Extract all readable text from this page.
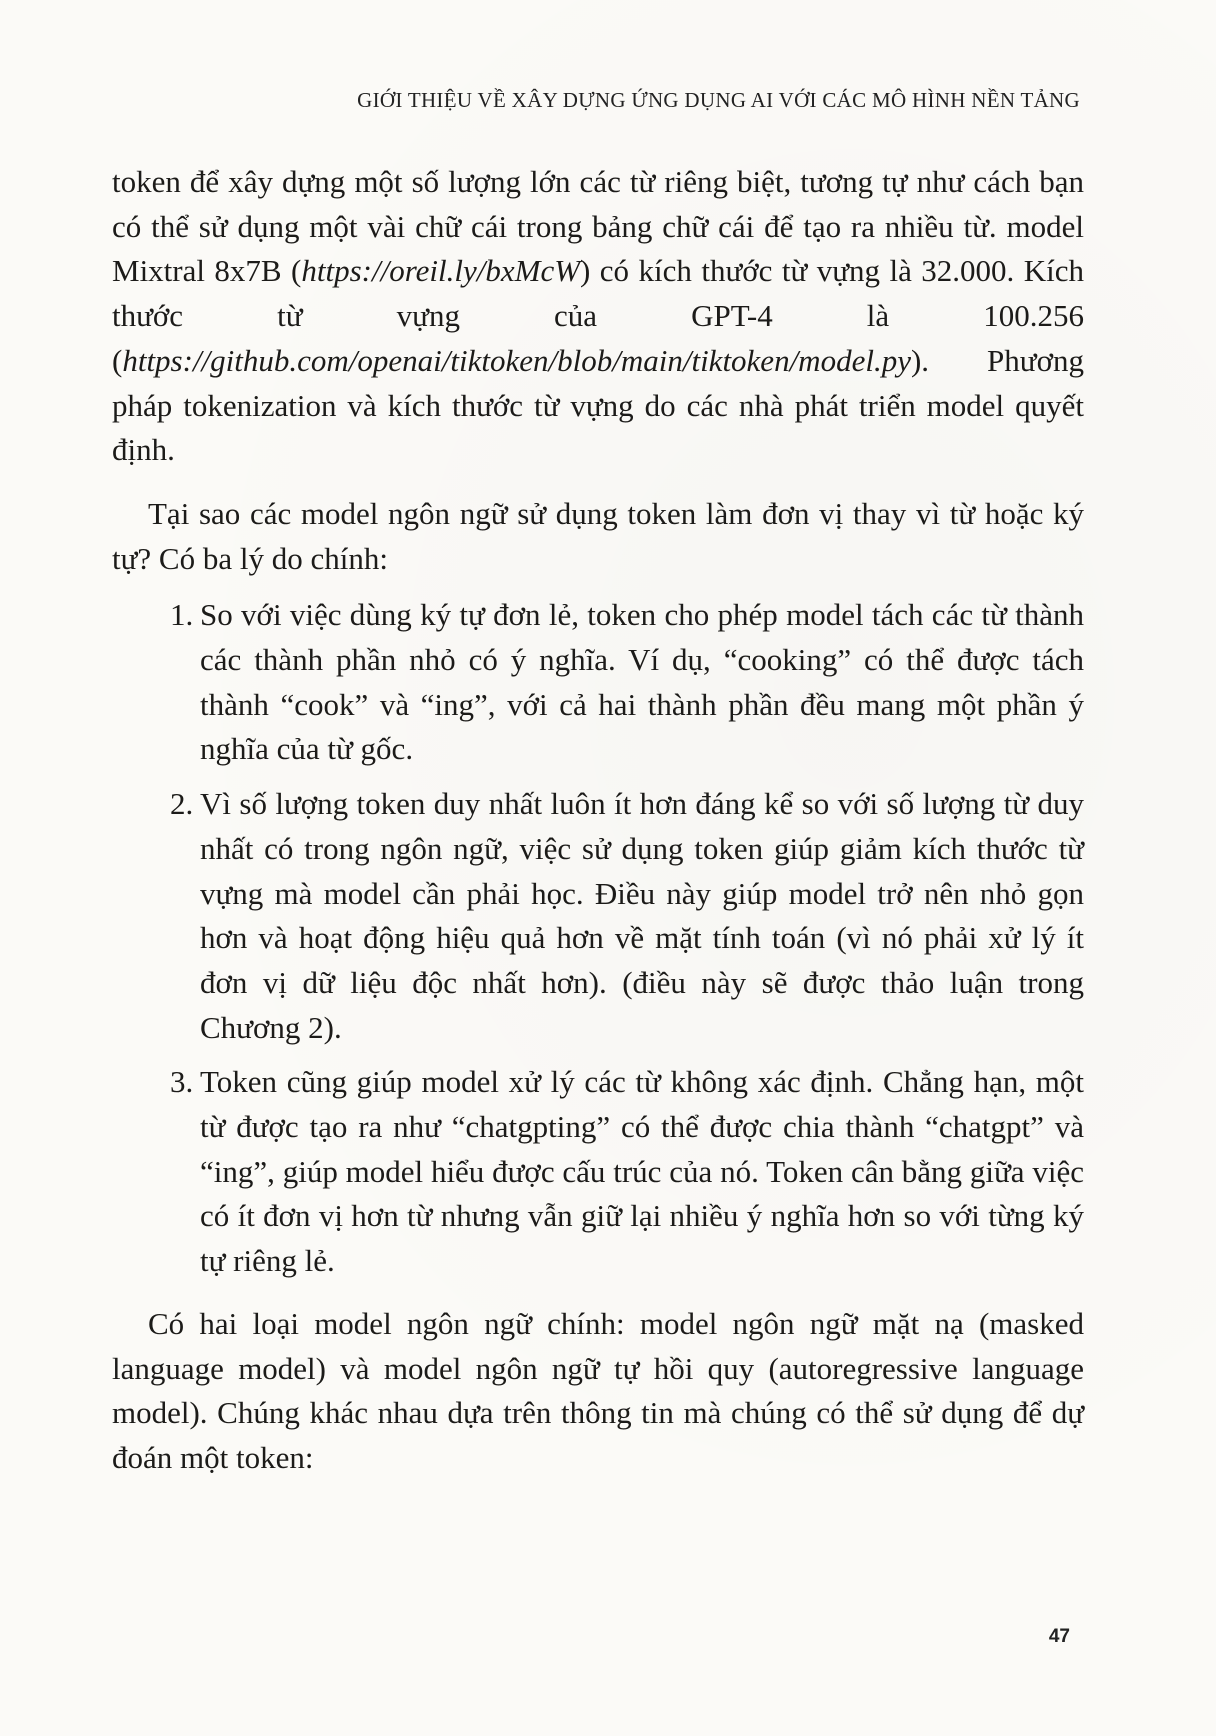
GIỚI THIỆU VỀ XÂY DỰNG ỨNG DỤNG AI VỚI CÁC MÔ HÌNH NỀN TẢNG

token để xây dựng một số lượng lớn các từ riêng biệt, tương tự như cách bạn có thể sử dụng một vài chữ cái trong bảng chữ cái để tạo ra nhiều từ. model Mixtral 8x7B (https://oreil.ly/bxMcW) có kích thước từ vựng là 32.000. Kích thước từ vựng của GPT-4 là 100.256 (https://github.com/openai/tiktoken/blob/main/tiktoken/model.py). Phương pháp tokenization và kích thước từ vựng do các nhà phát triển model quyết định.

Tại sao các model ngôn ngữ sử dụng token làm đơn vị thay vì từ hoặc ký tự? Có ba lý do chính:

1. So với việc dùng ký tự đơn lẻ, token cho phép model tách các từ thành các thành phần nhỏ có ý nghĩa. Ví dụ, “cooking” có thể được tách thành “cook” và “ing”, với cả hai thành phần đều mang một phần ý nghĩa của từ gốc.

2. Vì số lượng token duy nhất luôn ít hơn đáng kể so với số lượng từ duy nhất có trong ngôn ngữ, việc sử dụng token giúp giảm kích thước từ vựng mà model cần phải học. Điều này giúp model trở nên nhỏ gọn hơn và hoạt động hiệu quả hơn về mặt tính toán (vì nó phải xử lý ít đơn vị dữ liệu độc nhất hơn). (điều này sẽ được thảo luận trong Chương 2).

3. Token cũng giúp model xử lý các từ không xác định. Chẳng hạn, một từ được tạo ra như “chatgpting” có thể được chia thành “chatgpt” và “ing”, giúp model hiểu được cấu trúc của nó. Token cân bằng giữa việc có ít đơn vị hơn từ nhưng vẫn giữ lại nhiều ý nghĩa hơn so với từng ký tự riêng lẻ.

Có hai loại model ngôn ngữ chính: model ngôn ngữ mặt nạ (masked language model) và model ngôn ngữ tự hồi quy (autoregressive language model). Chúng khác nhau dựa trên thông tin mà chúng có thể sử dụng để dự đoán một token:

47
